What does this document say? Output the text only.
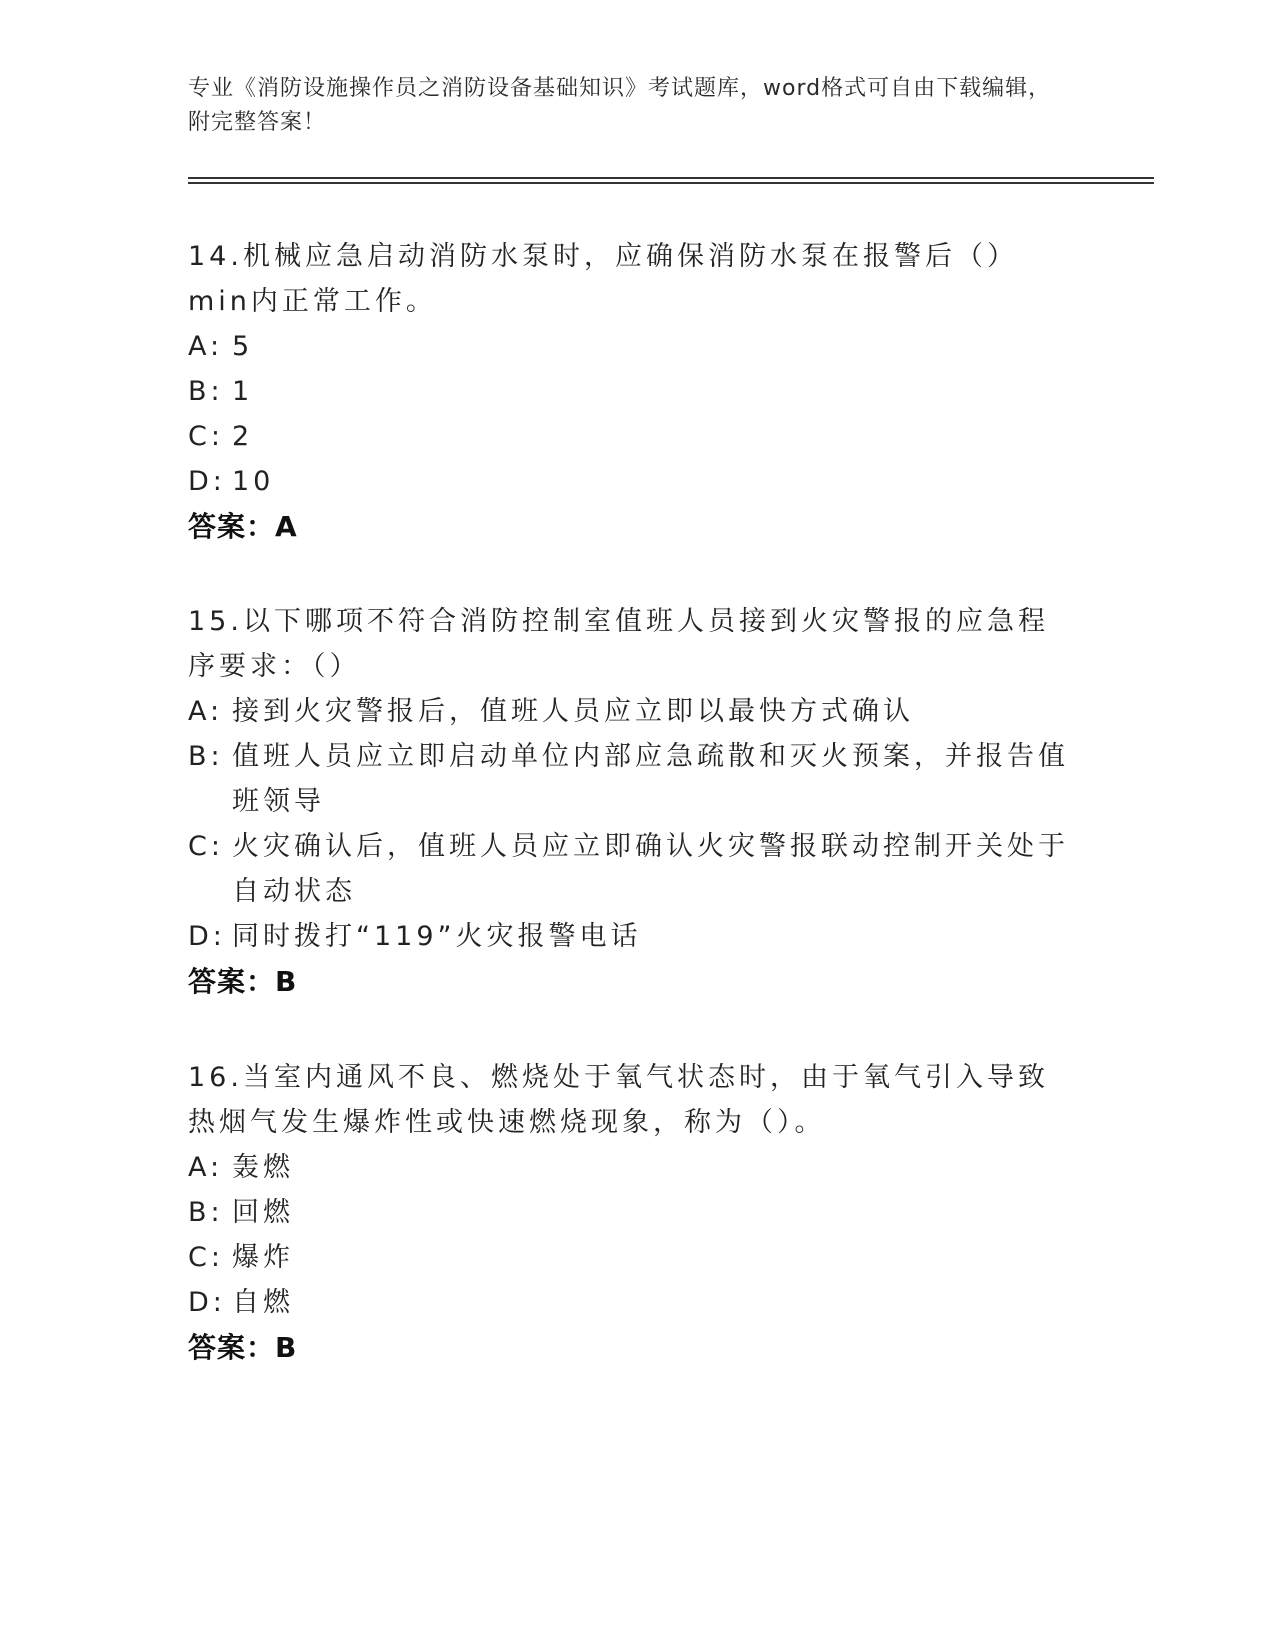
专业《消防设施操作员之消防设备基础知识》考试题库，word格式可自由下载编辑，附完整答案！

14.机械应急启动消防水泵时，应确保消防水泵在报警后（）min内正常工作。

A: 5
B: 1
C: 2
D: 10
答案：A

15.以下哪项不符合消防控制室值班人员接到火灾警报的应急程序要求：（）

A: 接到火灾警报后，值班人员应立即以最快方式确认
B: 值班人员应立即启动单位内部应急疏散和灭火预案，并报告值班领导
C: 火灾确认后，值班人员应立即确认火灾警报联动控制开关处于自动状态
D: 同时拨打“119”火灾报警电话
答案：B

16.当室内通风不良、燃烧处于氧气状态时，由于氧气引入导致热烟气发生爆炸性或快速燃烧现象，称为（）。

A: 轰燃
B: 回燃
C: 爆炸
D: 自燃
答案：B
